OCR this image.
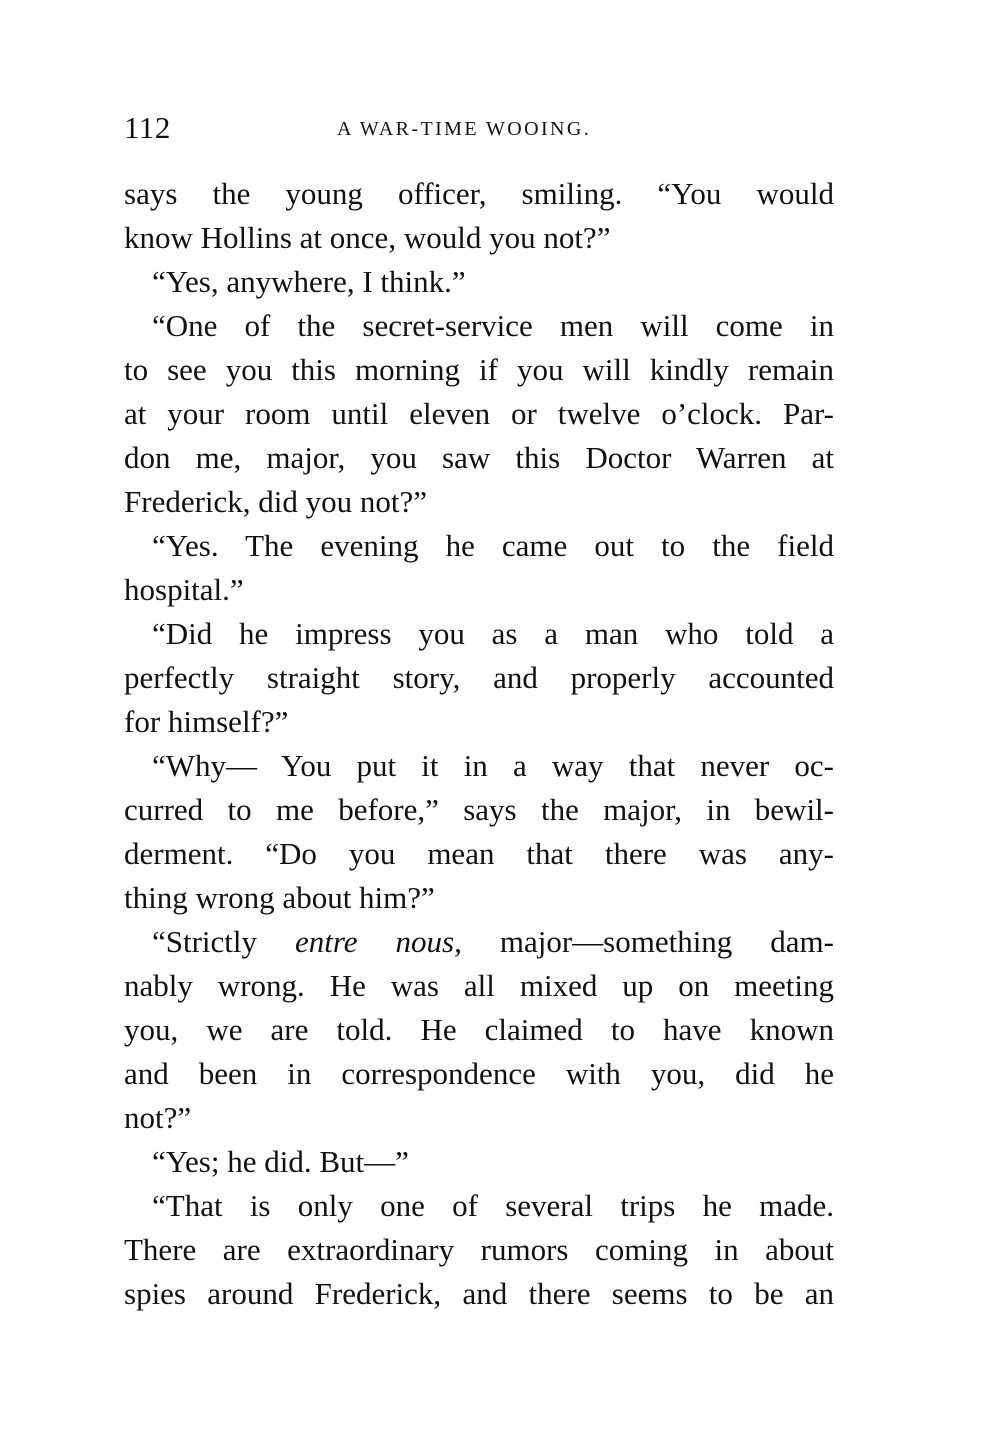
112	A WAR-TIME WOOING.
says the young officer, smiling. “You would
know Hollins at once, would you not?”
“Yes, anywhere, I think.”
“One of the secret-service men will come in
to see you this morning if you will kindly remain
at your room until eleven or twelve o’clock. Par-
don me, major, you saw this Doctor Warren at
Frederick, did you not?”
“Yes. The evening he came out to the field
hospital.”
“Did he impress you as a man who told a
perfectly straight story, and properly accounted
for himself?”
“Why— You put it in a way that never oc-
curred to me before,” says the major, in bewil-
derment. “Do you mean that there was any-
thing wrong about him?”
“Strictly entre nous, major—something dam-
nably wrong. He was all mixed up on meeting
you, we are told. He claimed to have known
and been in correspondence with you, did he
not?”
“Yes; he did. But—”
“That is only one of several trips he made.
There are extraordinary rumors coming in about
spies around Frederick, and there seems to be an
